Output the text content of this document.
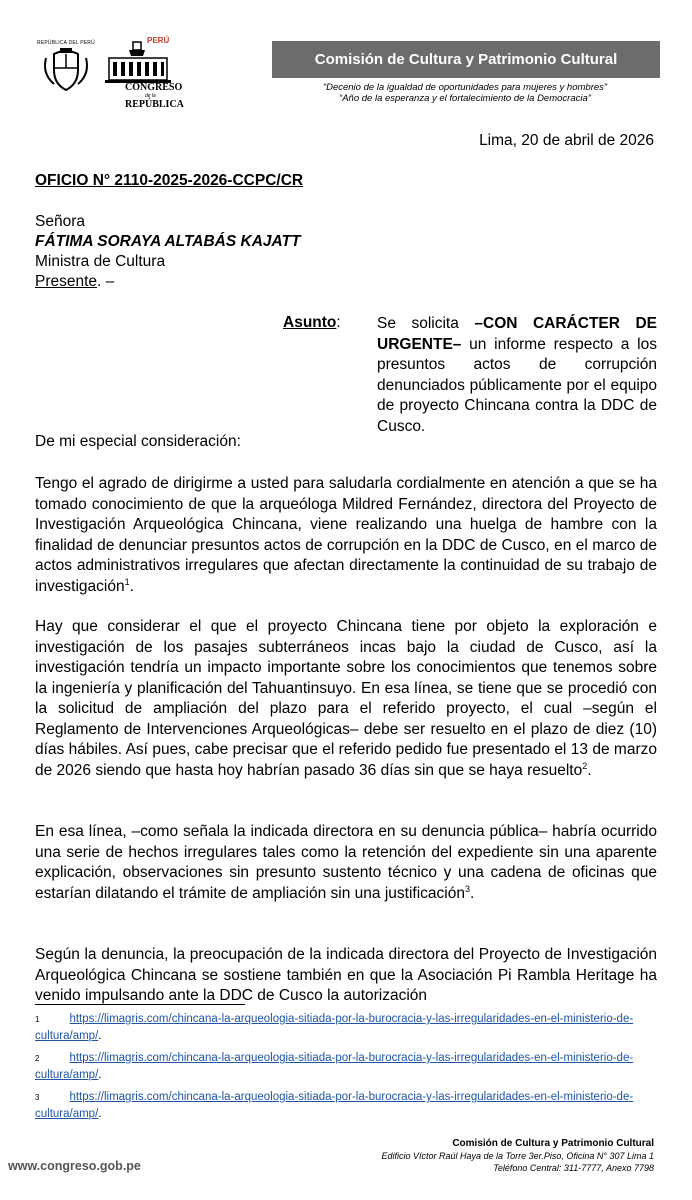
REPÚBLICA DEL PERÚ	PERÚ
CONGRESO
de la
REPÚBLICA
Comisión de Cultura y Patrimonio Cultural
“Decenio de la igualdad de oportunidades para mujeres y hombres”
“Año de la esperanza y el fortalecimiento de la Democracia”
Lima, 20 de abril de 2026
OFICIO N° 2110-2025-2026-CCPC/CR
Señora
FÁTIMA SORAYA ALTABÁS KAJATT
Ministra de Cultura
Presente. –
Asunto: Se solicita –CON CARÁCTER DE URGENTE– un informe respecto a los presuntos actos de corrupción denunciados públicamente por el equipo de proyecto Chincana contra la DDC de Cusco.
De mi especial consideración:
Tengo el agrado de dirigirme a usted para saludarla cordialmente en atención a que se ha tomado conocimiento de que la arqueóloga Mildred Fernández, directora del Proyecto de Investigación Arqueológica Chincana, viene realizando una huelga de hambre con la finalidad de denunciar presuntos actos de corrupción en la DDC de Cusco, en el marco de actos administrativos irregulares que afectan directamente la continuidad de su trabajo de investigación$^1$.
Hay que considerar el que el proyecto Chincana tiene por objeto la exploración e investigación de los pasajes subterráneos incas bajo la ciudad de Cusco, así la investigación tendría un impacto importante sobre los conocimientos que tenemos sobre la ingeniería y planificación del Tahuantinsuyo. En esa línea, se tiene que se procedió con la solicitud de ampliación del plazo para el referido proyecto, el cual –según el Reglamento de Intervenciones Arqueológicas– debe ser resuelto en el plazo de diez (10) días hábiles. Así pues, cabe precisar que el referido pedido fue presentado el 13 de marzo de 2026 siendo que hasta hoy habrían pasado 36 días sin que se haya resuelto$^2$.
En esa línea, –como señala la indicada directora en su denuncia pública– habría ocurrido una serie de hechos irregulares tales como la retención del expediente sin una aparente explicación, observaciones sin presunto sustento técnico y una cadena de oficinas que estarían dilatando el trámite de ampliación sin una justificación$^3$.
Según la denuncia, la preocupación de la indicada directora del Proyecto de Investigación Arqueológica Chincana se sostiene también en que la Asociación Pi Rambla Heritage ha venido impulsando ante la DDC de Cusco la autorización
$^1$	https://limagris.com/chincana-la-arqueologia-sitiada-por-la-burocracia-y-las-irregularidades-en-el-ministerio-de-cultura/amp/.
$^2$	https://limagris.com/chincana-la-arqueologia-sitiada-por-la-burocracia-y-las-irregularidades-en-el-ministerio-de-cultura/amp/.
$^3$	https://limagris.com/chincana-la-arqueologia-sitiada-por-la-burocracia-y-las-irregularidades-en-el-ministerio-de-cultura/amp/.
www.congreso.gob.pe
Comisión de Cultura y Patrimonio Cultural
Edificio Víctor Raúl Haya de la Torre 3er.Piso, Oficina N° 307 Lima 1
Teléfono Central: 311-7777, Anexo 7798
